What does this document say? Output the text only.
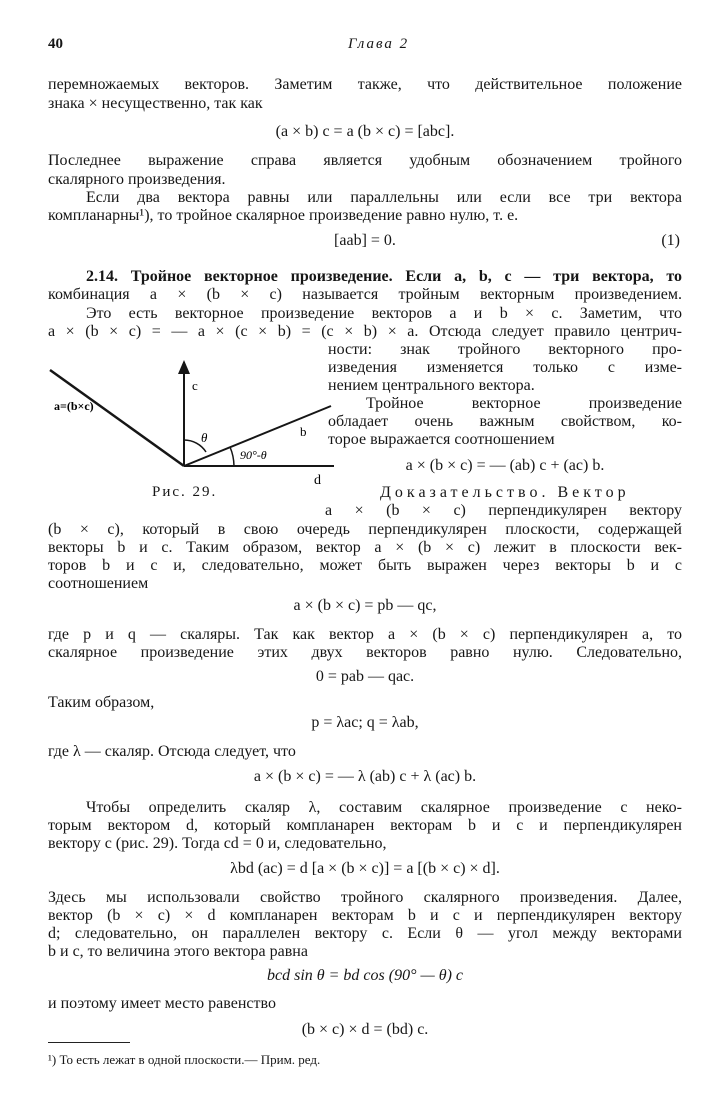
40	Глава 2
перемножаемых векторов. Заметим также, что действительное положение
знака × несущественно, так как
(a × b) c = a (b × c) = [abc].
Последнее выражение справа является удобным обозначением тройного
скалярного произведения.
Если два вектора равны или параллельны или если все три вектора
компланарны¹), то тройное скалярное произведение равно нулю, т. е.
[aab] = 0.	(1)
2.14. Тройное векторное произведение. Если a, b, c — три вектора, то
комбинация a × (b × c) называется тройным векторным произведением.
Это есть векторное произведение векторов a и b × c. Заметим, что
a × (b × c) = — a × (c × b) = (c × b) × a. Отсюда следует правило центрич-
ности: знак тройного векторного про-
изведения изменяется только с изме-
нением центрального вектора.
Тройное векторное произведение
обладает очень важным свойством, ко-
торое выражается соотношением
a × (b × c) = — (ab) c + (ac) b.
Доказательство. Вектор
a × (b × c) перпендикулярен вектору
a=(b×c)
c
θ	b
90°-θ
d
Рис. 29.
(b × c), который в свою очередь перпендикулярен плоскости, содержащей
векторы b и c. Таким образом, вектор a × (b × c) лежит в плоскости век-
торов b и c и, следовательно, может быть выражен через векторы b и c
соотношением
a × (b × c) = pb — qc,
где p и q — скаляры. Так как вектор a × (b × c) перпендикулярен a, то
скалярное произведение этих двух векторов равно нулю. Следовательно,
0 = pab — qac.
Таким образом,
p = λac; q = λab,
где λ — скаляр. Отсюда следует, что
a × (b × c) = — λ (ab) c + λ (ac) b.
Чтобы определить скаляр λ, составим скалярное произведение с неко-
торым вектором d, который компланарен векторам b и c и перпендикулярен
вектору c (рис. 29). Тогда cd = 0 и, следовательно,
λbd (ac) = d [a × (b × c)] = a [(b × c) × d].
Здесь мы использовали свойство тройного скалярного произведения. Далее,
вектор (b × c) × d компланарен векторам b и c и перпендикулярен вектору
d; следовательно, он параллелен вектору c. Если θ — угол между векторами
b и c, то величина этого вектора равна
bcd sin θ = bd cos (90° — θ) c
и поэтому имеет место равенство
(b × c) × d = (bd) c.
¹) То есть лежат в одной плоскости.— Прим. ред.
